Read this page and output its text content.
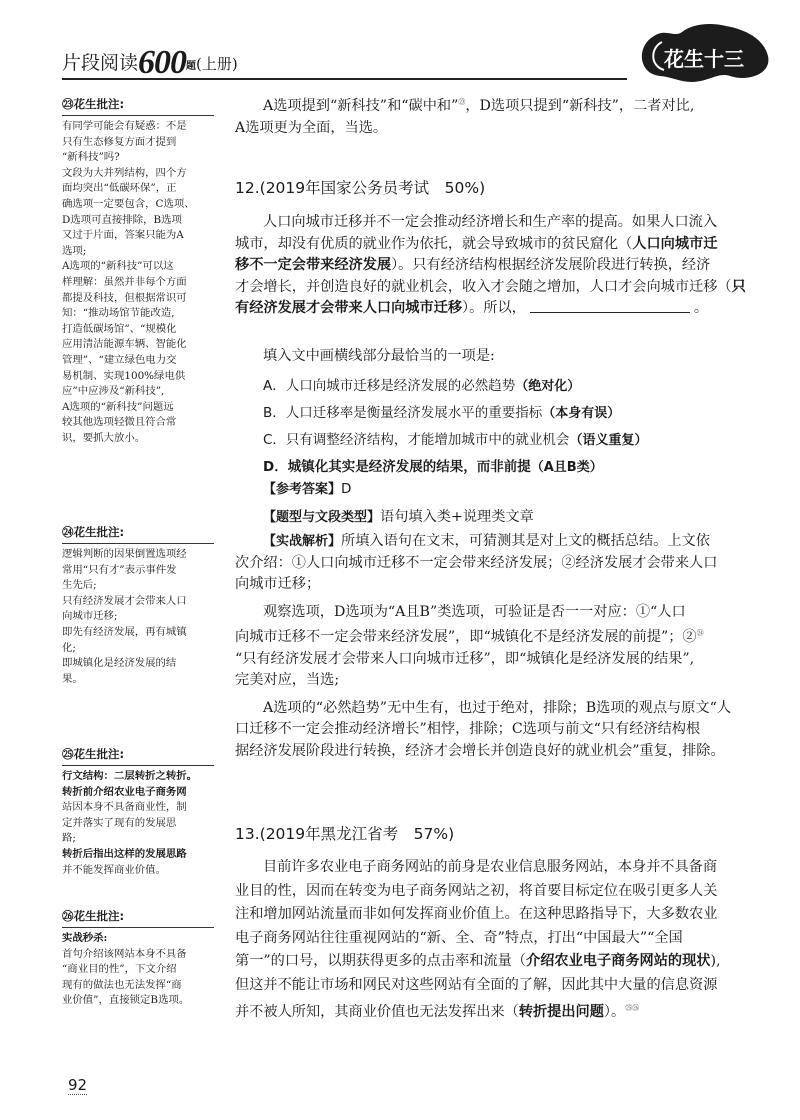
片段阅读600题(上册)	花生十三
㉓花生批注:
有同学可能会有疑惑：不是
只有生态修复方面才提到
“新科技”吗?
文段为大并列结构，四个方
面均突出“低碳环保”，正
确选项一定要包含，C选项、
D选项可直接排除，B选项
又过于片面，答案只能为A
选项;
A选项的“新科技”可以这
样理解：虽然并非每个方面
都提及科技，但根据常识可
知：“推动场馆节能改造,
打造低碳场馆”、“规模化
应用清洁能源车辆、智能化
管理”、“建立绿色电力交
易机制、实现100%绿电供
应”中应涉及“新科技”,
A选项的“新科技”问题远
较其他选项轻微且符合常
识，要抓大放小。
㉔花生批注:
逻辑判断的因果倒置选项经
常用“只有才”表示事件发
生先后;
只有经济发展才会带来人口
向城市迁移;
即先有经济发展，再有城镇
化;
即城镇化是经济发展的结
果。
㉕花生批注:
行文结构：二层转折之转折。
转折前介绍农业电子商务网
站因本身不具备商业性，制
定并落实了现有的发展思
路;
转折后指出这样的发展思路
并不能发挥商业价值。
㉖花生批注:
实战秒杀:
首句介绍该网站本身不具备
“商业目的性”，下文介绍
现有的做法也无法发挥“商
业价值”，直接锁定B选项。
A选项提到“新科技”和“碳中和”$^㉓$，D选项只提到“新科技”，二者对比,
A选项更为全面，当选。
12.(2019年国家公务员考试　50%)
人口向城市迁移并不一定会推动经济增长和生产率的提高。如果人口流入
城市，却没有优质的就业作为依托，就会导致城市的贫民窟化（人口向城市迁
移不一定会带来经济发展）。只有经济结构根据经济发展阶段进行转换，经济
才会增长，并创造良好的就业机会，收入才会随之增加，人口才会向城市迁移（只
有经济发展才会带来人口向城市迁移）。所以，	。
填入文中画横线部分最恰当的一项是:
A．人口向城市迁移是经济发展的必然趋势（绝对化）
B．人口迁移率是衡量经济发展水平的重要指标（本身有误）
C．只有调整经济结构，才能增加城市中的就业机会（语义重复）
D．城镇化其实是经济发展的结果，而非前提（A且B类）
【参考答案】D
【题型与文段类型】语句填入类+说理类文章
【实战解析】所填入语句在文末，可猜测其是对上文的概括总结。上文依
次介绍：①人口向城市迁移不一定会带来经济发展；②经济发展才会带来人口
向城市迁移；
观察选项，D选项为“A且B”类选项，可验证是否一一对应：①“人口
向城市迁移不一定会带来经济发展”，即“城镇化不是经济发展的前提”；②$^㉔$
“只有经济发展才会带来人口向城市迁移”，即“城镇化是经济发展的结果”,
完美对应，当选;
A选项的“必然趋势”无中生有，也过于绝对，排除；B选项的观点与原文“人
口迁移不一定会推动经济增长”相悖，排除；C选项与前文“只有经济结构根
据经济发展阶段进行转换，经济才会增长并创造良好的就业机会”重复，排除。
13.(2019年黑龙江省考　57%)
目前许多农业电子商务网站的前身是农业信息服务网站，本身并不具备商
业目的性，因而在转变为电子商务网站之初，将首要目标定位在吸引更多人关
注和增加网站流量而非如何发挥商业价值上。在这种思路指导下，大多数农业
电子商务网站往往重视网站的“新、全、奇”特点，打出“中国最大”“全国
第一”的口号，以期获得更多的点击率和流量（介绍农业电子商务网站的现状),
但这并不能让市场和网民对这些网站有全面的了解，因此其中大量的信息资源
并不被人所知，其商业价值也无法发挥出来（转折提出问题）。$^{㉕㉖}$
92
